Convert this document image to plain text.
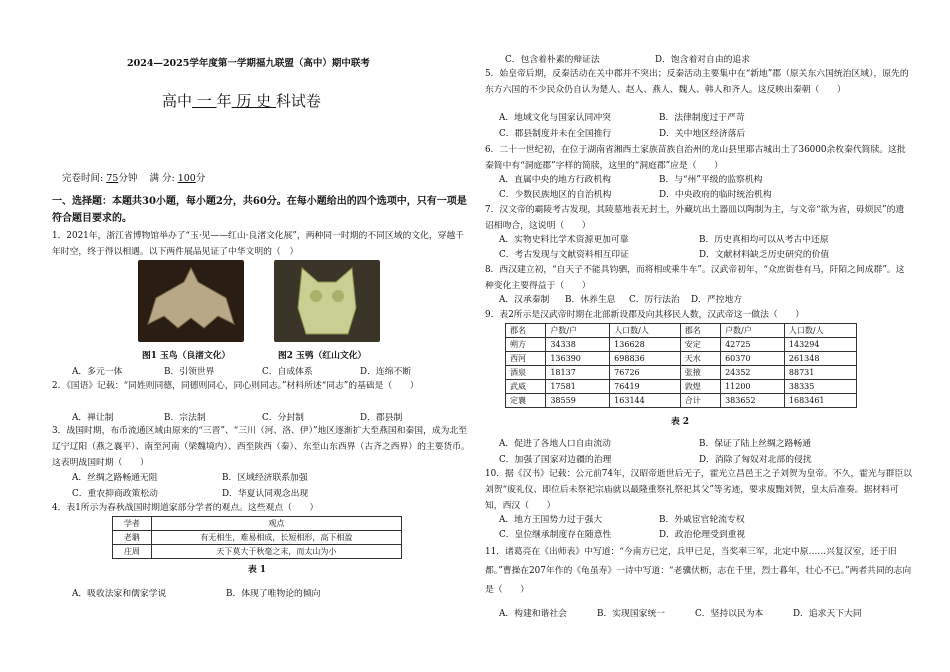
2024—2025学年度第一学期福九联盟（高中）期中联考
高中 一 年 历 史 科试卷
完卷时间: 75分钟 满 分: 100分
一、选择题：本题共30小题，每小题2分，共60分。在每小题给出的四个选项中，只有一项是符合题目要求的。

1．2021年，浙江省博物馆举办了“玉·见——红山·良渚文化展”，两种同一时期的不同区域的文化，穿越千年时空，终于得以相遇。以下两件展品见证了中华文明的（　）

图1 玉鸟（良渚文化）	图2 玉鸮（红山文化）
A．多元一体	B．引领世界	C．自成体系	D．连绵不断

2．《国语》记载：“同姓则同德，同德则同心，同心则同志。”材料所述“同志”的基础是（　　）

A．禅让制	B．宗法制	C．分封制	D．郡县制

3．战国时期，布币流通区域由原来的“三晋”、“三川（河、洛、伊）”地区逐渐扩大至燕国和秦国，成为北至辽宁辽阳（燕之襄平）、南至河南（梁魏境内）、西至陕西（秦）、东至山东西界（古齐之西界）的主要货币。这表明战国时期（　　）

A．丝绸之路畅通无阻	B．区域经济联系加强
C．重农抑商政策松动	D．华夏认同观念出现

4．表1所示为春秋战国时期道家部分学者的观点。这些观点（　　）

学者	观点
老聃	有无相生，难易相成，长短相形，高下相盈
庄周	天下莫大于秋毫之末，而太山为小
表 1
A．吸收法家和儒家学说	B．体现了唯物论的倾向
C．包含着朴素的辩证法	D．饱含着对自由的追求

5．始皇帝后期，反秦活动在关中郡并不突出；反秦活动主要集中在“新地”郡（原关东六国统治区域），原先的东方六国的不少民众仍自认为楚人、赵人、燕人、魏人、韩人和齐人。这反映出秦朝（　　）

A．地域文化与国家认同冲突	B．法律制度过于严苛
C．郡县制度并未在全国推行	D．关中地区经济落后

6．二十一世纪初，在位于湖南省湘西土家族苗族自治州的龙山县里耶古城出土了36000余枚秦代简牍。这批秦简中有“洞庭郡”字样的简牍，这里的“洞庭郡”应是（　　）

A．直属中央的地方行政机构	B．与“州”平级的监察机构
C．少数民族地区的自治机构	D．中央政府的临时统治机构

7．汉文帝的霸陵考古发现，其陵墓地表无封土，外藏坑出土器皿以陶制为主，与文帝“欲为省，毋烦民”的遗诏相吻合，这说明（　　）

A．实物史料比学术资源更加可靠	B．历史真相均可以从考古中还原
C．考古发现与文献资料相互印证	D．文献材料缺乏历史研究的价值

8．西汉建立初，“自天子不能具钧驷，而将相或乘牛车”。汉武帝初年，“众庶街巷有马，阡陌之间成群”。这种变化主要得益于（　　）

A．汉承秦制	B．休养生息	C．厉行法治	D．严控地方

9．表2所示是汉武帝时期在北部新设郡及向其移民人数，汉武帝这一做法（　　）

郡名	户数/户	人口数/人	郡名	户数/户	人口数/人
朔方	34338	136628	安定	42725	143294
西河	136390	698836	天水	60370	261348
酒泉	18137	76726	张掖	24352	88731
武威	17581	76419	敦煌	11200	38335
定襄	38559	163144	合计	383652	1683461
表 2
A．促进了各地人口自由流动	B．保证了陆上丝绸之路畅通
C．加强了国家对边疆的治理	D．消除了匈奴对北部的侵扰

10．据《汉书》记载：公元前74年，汉昭帝逝世后无子，霍光立昌邑王之子刘贺为皇帝。不久，霍光与群臣以刘贺“废礼仪、即位后未祭祀宗庙就以最隆重祭礼祭祀其父”等劣迹，要求废黜刘贺，皇太后准奏。据材料可知，西汉（　　）

A．地方王国势力过于强大	B．外戚宦官轮流专权
C．皇位继承制度存在随意性	D．政治伦理受到重视

11．诸葛亮在《出师表》中写道：“今南方已定，兵甲已足，当奖率三军，北定中原……兴复汉室，还于旧都。”曹操在207年作的《龟虽寿》一诗中写道：“老骥伏枥，志在千里，烈士暮年，壮心不已。”两者共同的志向是（　　）

A．构建和谐社会	B．实现国家统一	C．坚持以民为本	D．追求天下大同
